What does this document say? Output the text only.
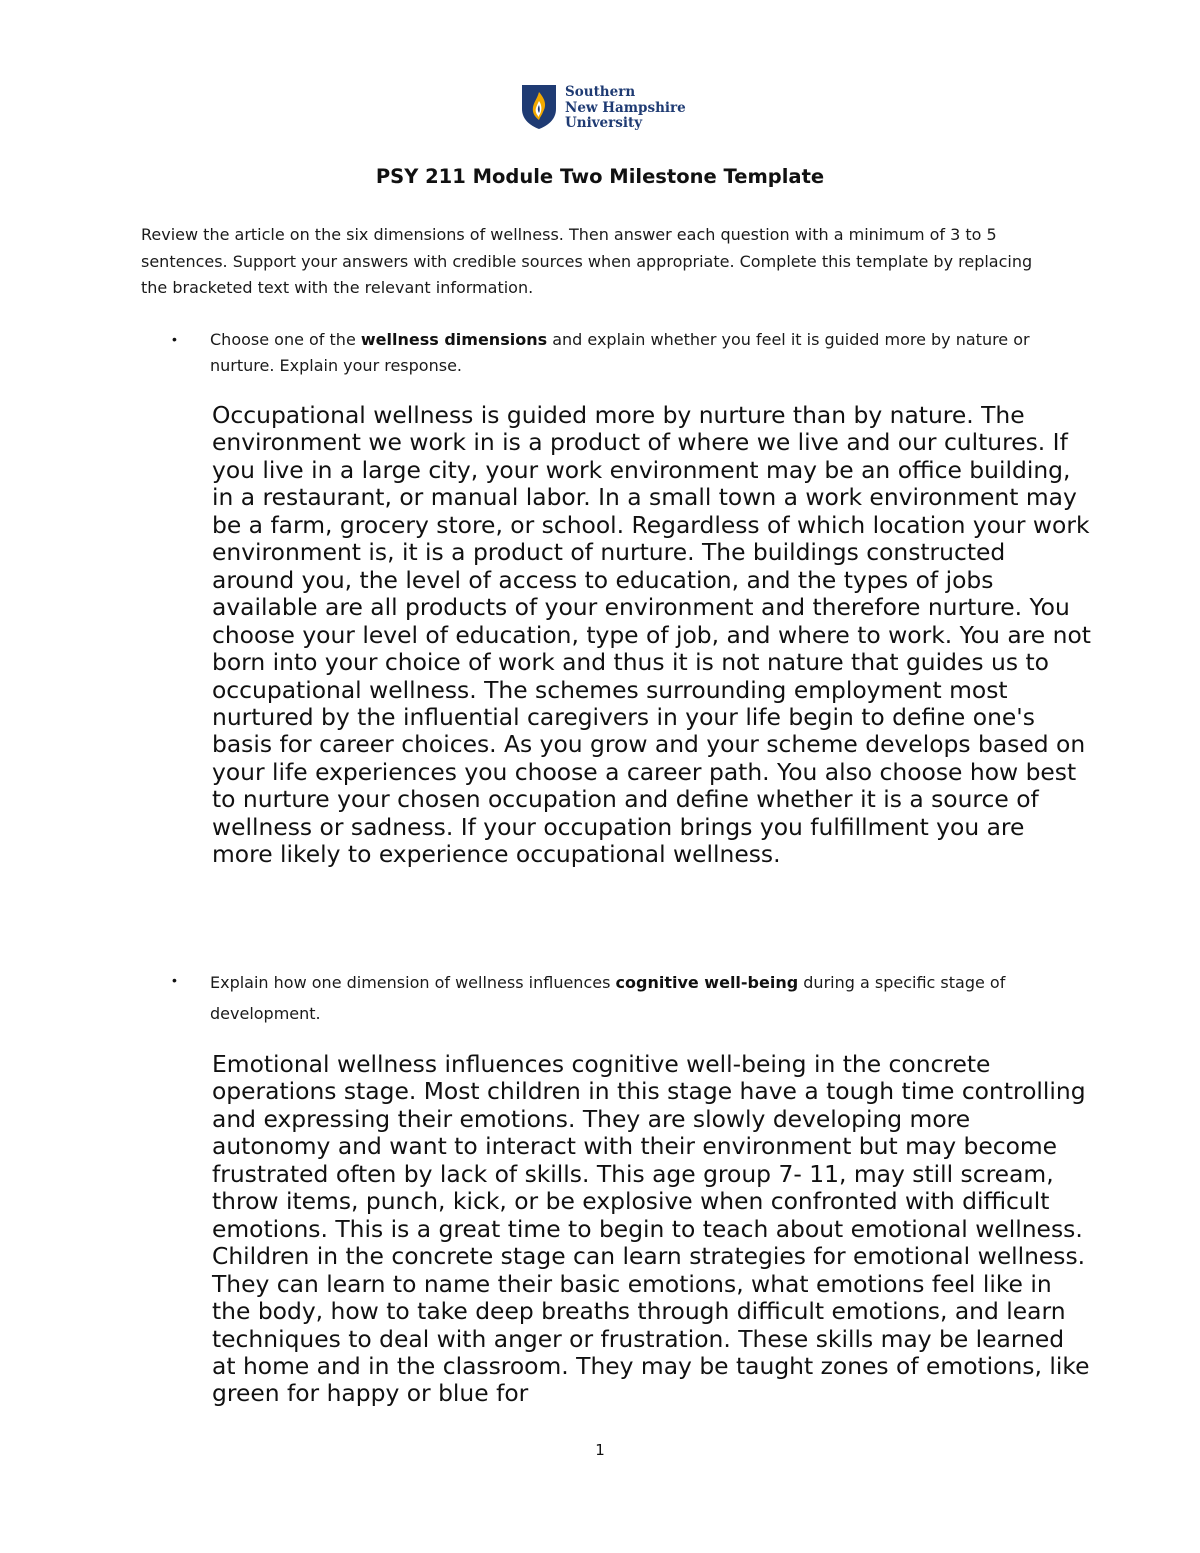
Southern
New Hampshire
University
PSY 211 Module Two Milestone Template
Review the article on the six dimensions of wellness. Then answer each question with a minimum of 3 to 5 sentences. Support your answers with credible sources when appropriate. Complete this template by replacing the bracketed text with the relevant information.
• Choose one of the wellness dimensions and explain whether you feel it is guided more by nature or nurture. Explain your response.
Occupational wellness is guided more by nurture than by nature. The environment we work in is a product of where we live and our cultures. If you live in a large city, your work environment may be an office building, in a restaurant, or manual labor. In a small town a work environment may be a farm, grocery store, or school. Regardless of which location your work environment is, it is a product of nurture. The buildings constructed around you, the level of access to education, and the types of jobs available are all products of your environment and therefore nurture. You choose your level of education, type of job, and where to work. You are not born into your choice of work and thus it is not nature that guides us to occupational wellness. The schemes surrounding employment most nurtured by the influential caregivers in your life begin to define one's basis for career choices. As you grow and your scheme develops based on your life experiences you choose a career path. You also choose how best to nurture your chosen occupation and define whether it is a source of wellness or sadness. If your occupation brings you fulfillment you are more likely to experience occupational wellness.
• Explain how one dimension of wellness influences cognitive well-being during a specific stage of development.
Emotional wellness influences cognitive well-being in the concrete operations stage. Most children in this stage have a tough time controlling and expressing their emotions. They are slowly developing more autonomy and want to interact with their environment but may become frustrated often by lack of skills. This age group 7- 11, may still scream, throw items, punch, kick, or be explosive when confronted with difficult emotions. This is a great time to begin to teach about emotional wellness. Children in the concrete stage can learn strategies for emotional wellness. They can learn to name their basic emotions, what emotions feel like in the body, how to take deep breaths through difficult emotions, and learn techniques to deal with anger or frustration. These skills may be learned at home and in the classroom. They may be taught zones of emotions, like green for happy or blue for
1
